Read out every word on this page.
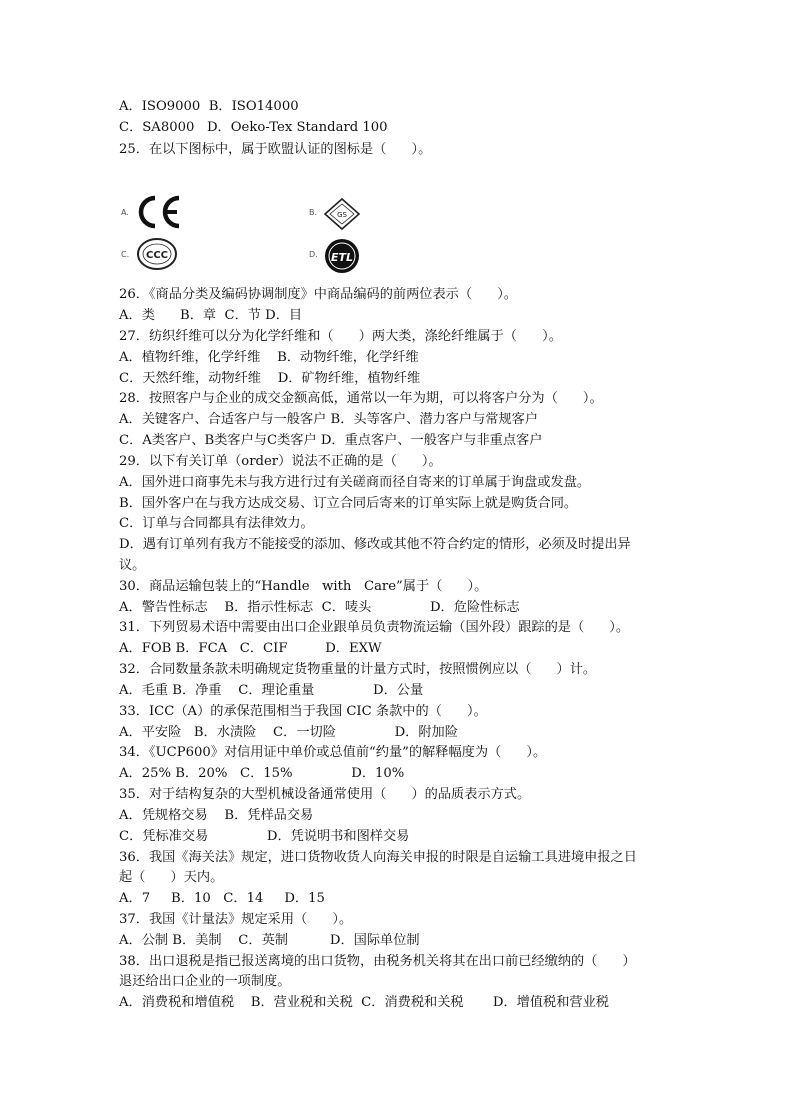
A．ISO9000  B．ISO14000
C．SA8000   D．Oeko-Tex Standard 100
25．在以下图标中，属于欧盟认证的图标是（      ）。
A.
CE
B.	GS
C. CCC	D. ETL
26．《商品分类及编码协调制度》中商品编码的前两位表示（      ）。
A．类      B．章  C．节 D．目
27．纺织纤维可以分为化学纤维和（      ）两大类，涤纶纤维属于（      ）。
A．植物纤维，化学纤维    B．动物纤维，化学纤维
C．天然纤维，动物纤维    D．矿物纤维，植物纤维
28．按照客户与企业的成交金额高低，通常以一年为期，可以将客户分为（      ）。
A．关键客户、合适客户与一般客户 B．头等客户、潜力客户与常规客户
C．A类客户、B类客户与C类客户 D．重点客户、一般客户与非重点客户
29．以下有关订单（order）说法不正确的是（      ）。
A．国外进口商事先未与我方进行过有关磋商而径自寄来的订单属于询盘或发盘。
B．国外客户在与我方达成交易、订立合同后寄来的订单实际上就是购货合同。
C．订单与合同都具有法律效力。
D．遇有订单列有我方不能接受的添加、修改或其他不符合约定的情形，必须及时提出异
议。
30．商品运输包装上的“Handle   with   Care”属于（      ）。
A．警告性标志    B．指示性标志  C．唛头              D．危险性标志
31．下列贸易术语中需要由出口企业跟单员负责物流运输（国外段）跟踪的是（      ）。
A．FOB B．FCA   C．CIF         D．EXW
32．合同数量条款未明确规定货物重量的计量方式时，按照惯例应以（      ）计。
A．毛重 B．净重    C．理论重量              D．公量
33．ICC（A）的承保范围相当于我国 CIC 条款中的（      ）。
A．平安险   B．水渍险    C．一切险              D．附加险
34．《UCP600》对信用证中单价或总值前“约量”的解释幅度为（      ）。
A．25% B．20%   C．15%              D．10%
35．对于结构复杂的大型机械设备通常使用（      ）的品质表示方式。
A．凭规格交易    B．凭样品交易
C．凭标准交易              D．凭说明书和图样交易
36．我国《海关法》规定，进口货物收货人向海关申报的时限是自运输工具进境申报之日
起（      ）天内。
A．7     B．10   C．14     D．15
37．我国《计量法》规定采用（      ）。
A．公制 B．美制    C．英制          D．国际单位制
38．出口退税是指已报送离境的出口货物，由税务机关将其在出口前已经缴纳的（      ）
退还给出口企业的一项制度。
A．消费税和增值税    B．营业税和关税  C．消费税和关税       D．增值税和营业税
